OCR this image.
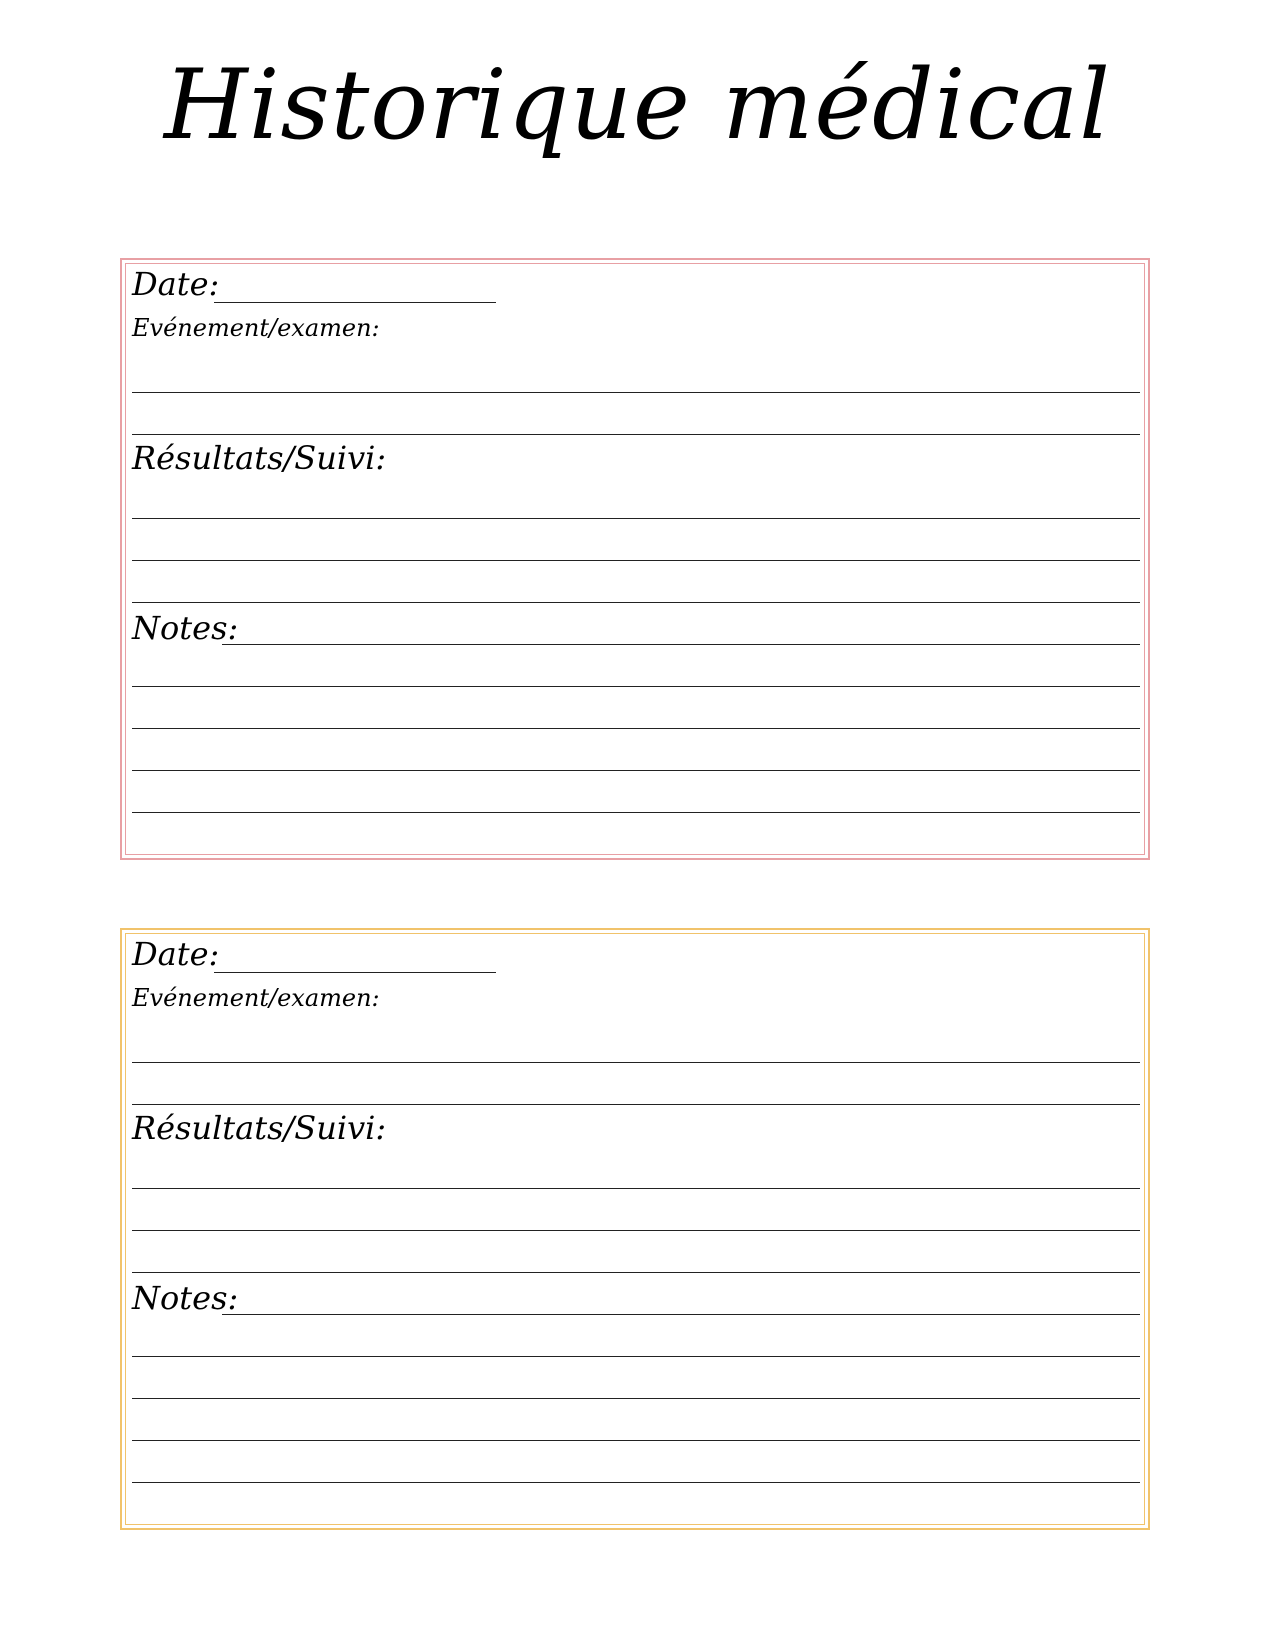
Historique médical
Date:
Evénement/examen:
Résultats/Suivi:
Notes:
Date:
Evénement/examen:
Résultats/Suivi:
Notes:
